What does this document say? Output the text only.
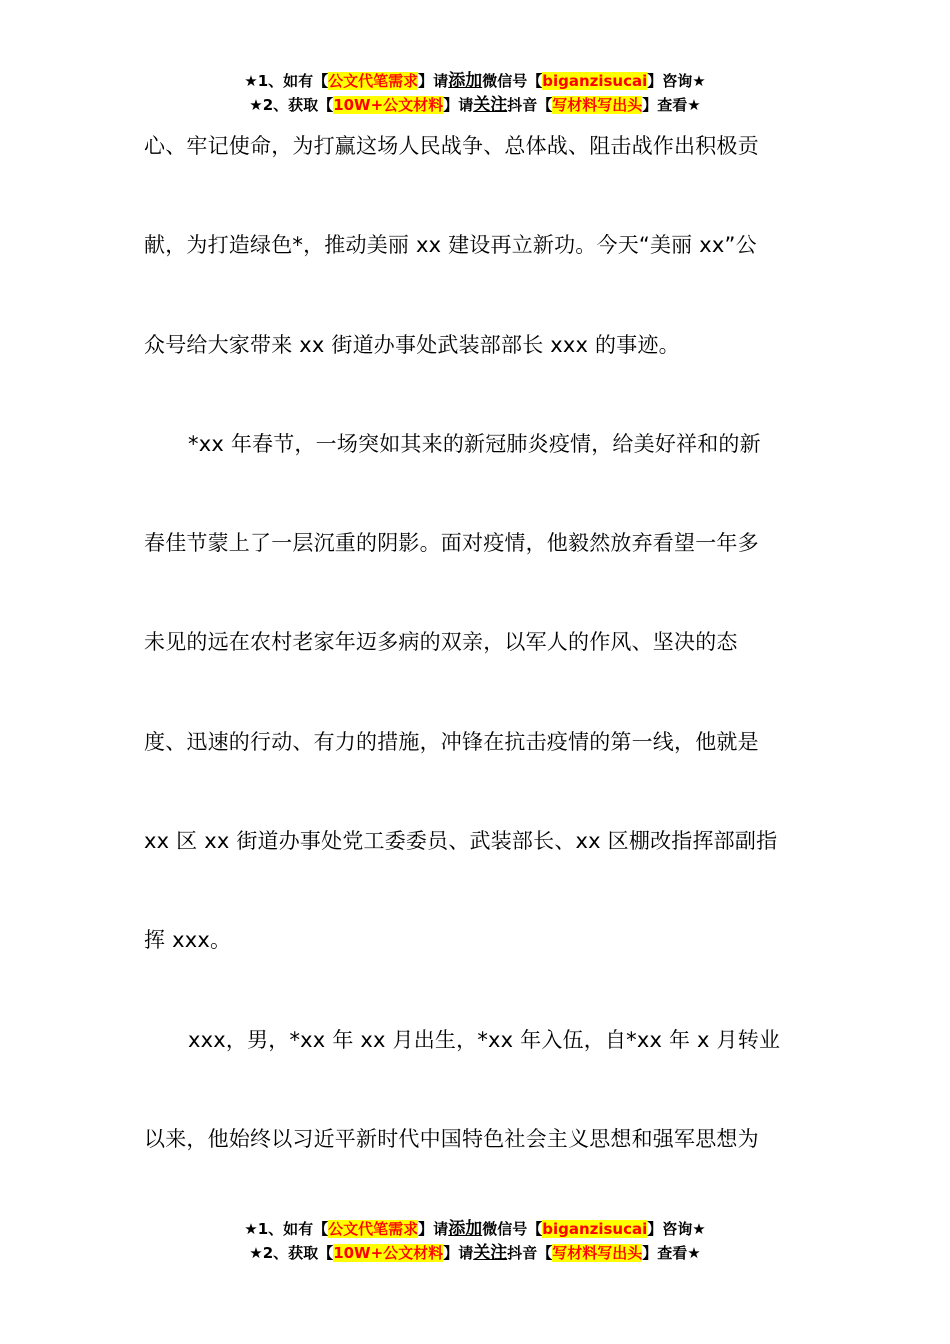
★1、如有【公文代笔需求】请添加微信号【biganzisucai】咨询★
★2、获取【10W+公文材料】请关注抖音【写材料写出头】查看★
心、牢记使命，为打赢这场人民战争、总体战、阻击战作出积极贡
献，为打造绿色*，推动美丽 xx 建设再立新功。今天“美丽 xx”公
众号给大家带来 xx 街道办事处武装部部长 xxx 的事迹。
*xx 年春节，一场突如其来的新冠肺炎疫情，给美好祥和的新
春佳节蒙上了一层沉重的阴影。面对疫情，他毅然放弃看望一年多
未见的远在农村老家年迈多病的双亲，以军人的作风、坚决的态
度、迅速的行动、有力的措施，冲锋在抗击疫情的第一线，他就是
xx 区 xx 街道办事处党工委委员、武装部长、xx 区棚改指挥部副指
挥 xxx。
xxx，男，*xx 年 xx 月出生，*xx 年入伍，自*xx 年 x 月转业
以来，他始终以习近平新时代中国特色社会主义思想和强军思想为
★1、如有【公文代笔需求】请添加微信号【biganzisucai】咨询★
★2、获取【10W+公文材料】请关注抖音【写材料写出头】查看★
